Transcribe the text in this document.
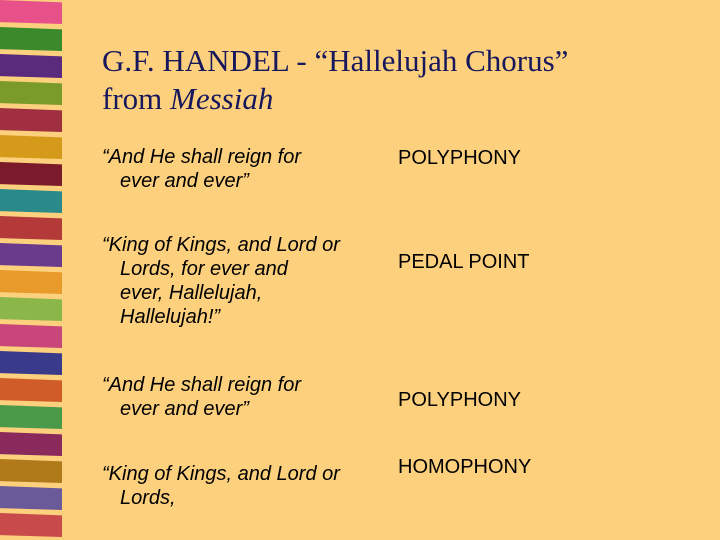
G.F. HANDEL - “Hallelujah Chorus”
from Messiah
“And He shall reign for
ever and ever”
POLYPHONY
“King of Kings, and Lord or
Lords, for ever and
ever, Hallelujah,
Hallelujah!”
PEDAL POINT
“And He shall reign for
ever and ever”	POLYPHONY
“King of Kings, and Lord or
Lords,
HOMOPHONY
